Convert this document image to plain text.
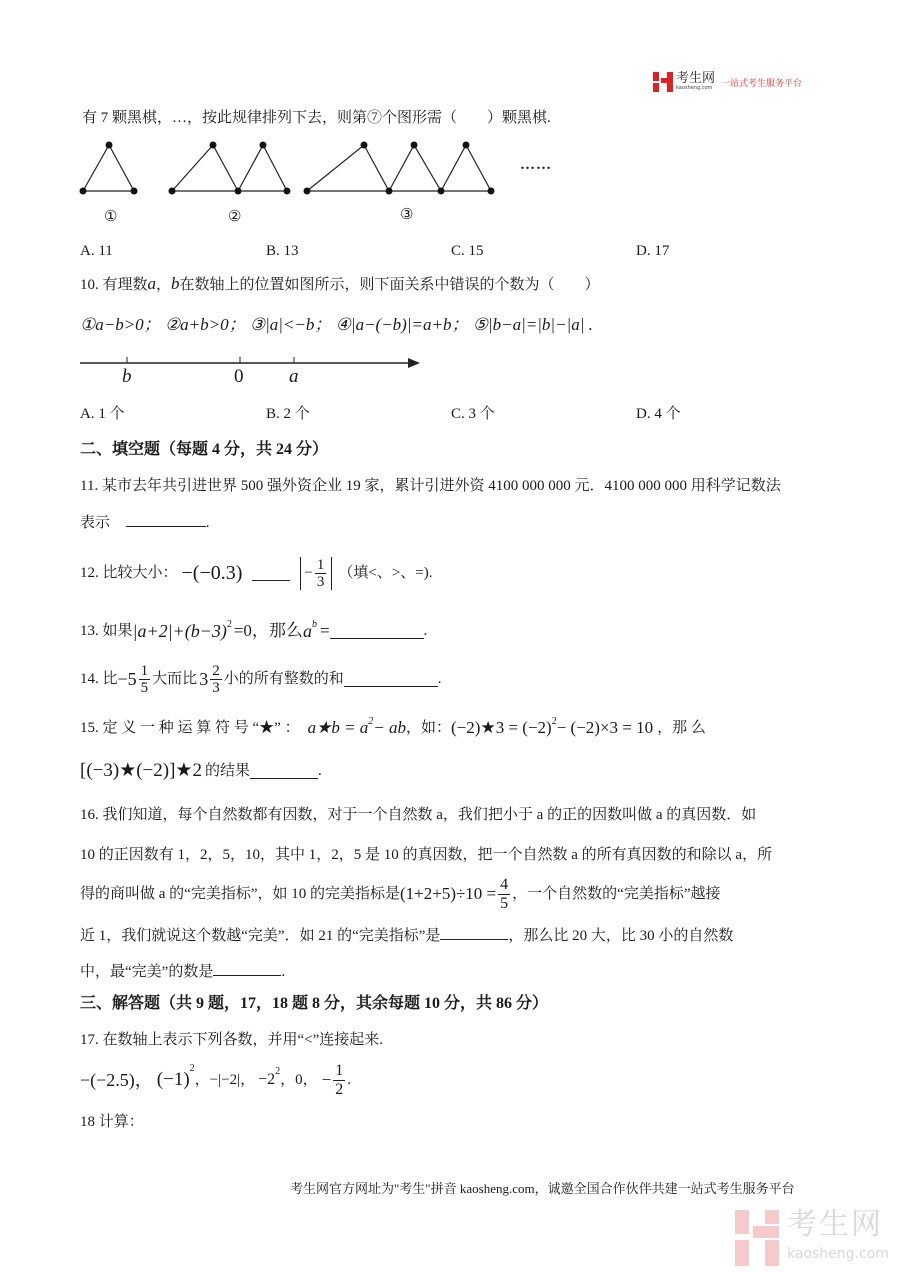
考生网
kaosheng.com 一站式考生服务平台
有 7 颗黑棋，…，按此规律排列下去，则第⑦个图形需（　　）颗黑棋.
……
①	②	③
A. 11	B. 13	C. 15	D. 17
10. 有理数a，b在数轴上的位置如图所示，则下面关系中错误的个数为（　　）
①a−b>0； ②a+b>0； ③|a|<−b； ④|a−(−b)|=a+b； ⑤|b−a|=|b|−|a| .
b	0 a
A. 1 个	B. 2 个	C. 3 个	D. 4 个
二、填空题（每题 4 分，共 24 分）
11. 某市去年共引进世界 500 强外资企业 19 家，累计引进外资 4100 000 000 元．4100 000 000 用科学记数法
表示	.
12. 比较大小： −(−0.3)	− $\frac{1}{3}$ （填<、>、=).
13. 如果 $|a+2|+(b-3)^2 =0$，那么 $a^b$ =	.
14. 比 $-5 \frac{1}{5}$ 大而比 $3 \frac{2}{3}$ 小的所有整数的和	.
15. 定 义 一 种 运 算 符 号 “★” ： a★b = $a^2$ − ab ，如： (−2)★3 = $(-2)^2 - (-2)\times 3 = 10$ ，那 么
[(−3)★(−2)]★2 的结果	.
16. 我们知道，每个自然数都有因数，对于一个自然数 a，我们把小于 a 的正的因数叫做 a 的真因数．如
10 的正因数有 1，2，5，10，其中 1，2，5 是 10 的真因数，把一个自然数 a 的所有真因数的和除以 a，所
得的商叫做 a 的“完美指标”，如 10 的完美指标是 $(1+2+5)\div 10 = \frac{4}{5}$ ，一个自然数的“完美指标”越接
近 1，我们就说这个数越“完美”．如 21 的“完美指标”是	，那么比 20 大，比 30 小的自然数
中，最“完美”的数是	.
三、解答题（共 9 题，17，18 题 8 分，其余每题 10 分，共 86 分）
17. 在数轴上表示下列各数，并用“<”连接起来.
−(−2.5)， (−1)
$^2$
，−|−2|， $-2^2$
，0， − $\frac{1}{2}$ .
18 计算：
考生网官方网址为"考生"拼音 kaosheng.com，诚邀全国合作伙伴共建一站式考生服务平台
考生网
kaosheng.com
